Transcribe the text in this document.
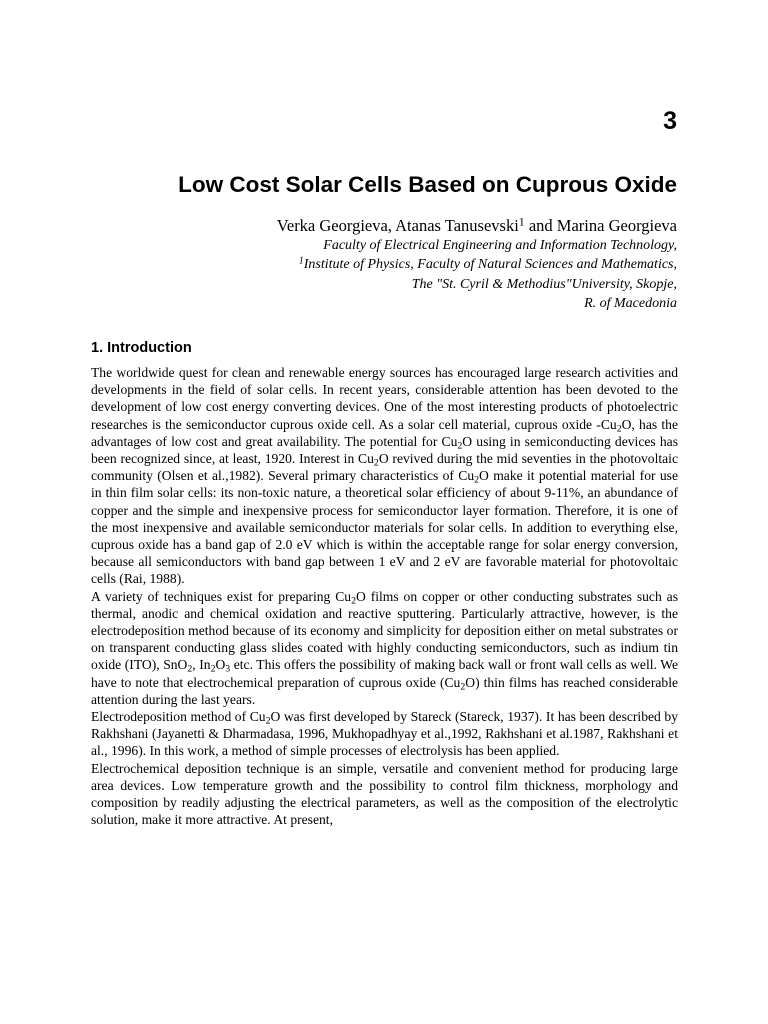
3
Low Cost Solar Cells Based on Cuprous Oxide
Verka Georgieva, Atanas Tanusevski$^1$ and Marina Georgieva
Faculty of Electrical Engineering and Information Technology,
$^1$Institute of Physics, Faculty of Natural Sciences and Mathematics,
The "St. Cyril & Methodius"University, Skopje,
R. of Macedonia
1. Introduction

The worldwide quest for clean and renewable energy sources has encouraged large research activities and developments in the field of solar cells. In recent years, considerable attention has been devoted to the development of low cost energy converting devices. One of the most interesting products of photoelectric researches is the semiconductor cuprous oxide cell. As a solar cell material, cuprous oxide $-Cu_2O$, has the advantages of low cost and great availability. The potential for $Cu_2O$ using in semiconducting devices has been recognized since, at least, 1920. Interest in $Cu_2O$ revived during the mid seventies in the photovoltaic community (Olsen et al.,1982). Several primary characteristics of $Cu_2O$ make it potential material for use in thin film solar cells: its non-toxic nature, a theoretical solar efficiency of about 9-11%, an abundance of copper and the simple and inexpensive process for semiconductor layer formation. Therefore, it is one of the most inexpensive and available semiconductor materials for solar cells. In addition to everything else, cuprous oxide has a band gap of 2.0 eV which is within the acceptable range for solar energy conversion, because all semiconductors with band gap between 1 eV and 2 eV are favorable material for photovoltaic cells (Rai, 1988).

A variety of techniques exist for preparing $Cu_2O$ films on copper or other conducting substrates such as thermal, anodic and chemical oxidation and reactive sputtering. Particularly attractive, however, is the electrodeposition method because of its economy and simplicity for deposition either on metal substrates or on transparent conducting glass slides coated with highly conducting semiconductors, such as indium tin oxide (ITO), SnO$_2$, $In_2O_3$ etc. This offers the possibility of making back wall or front wall cells as well. We have to note that electrochemical preparation of cuprous oxide $(Cu_2O)$ thin films has reached considerable attention during the last years.

Electrodeposition method of $Cu_2O$ was first developed by Stareck (Stareck, 1937). It has been described by Rakhshani (Jayanetti & Dharmadasa, 1996, Mukhopadhyay et al.,1992, Rakhshani et al.1987, Rakhshani et al., 1996). In this work, a method of simple processes of electrolysis has been applied.

Electrochemical deposition technique is an simple, versatile and convenient method for producing large area devices. Low temperature growth and the possibility to control film thickness, morphology and composition by readily adjusting the electrical parameters, as well as the composition of the electrolytic solution, make it more attractive. At present,
